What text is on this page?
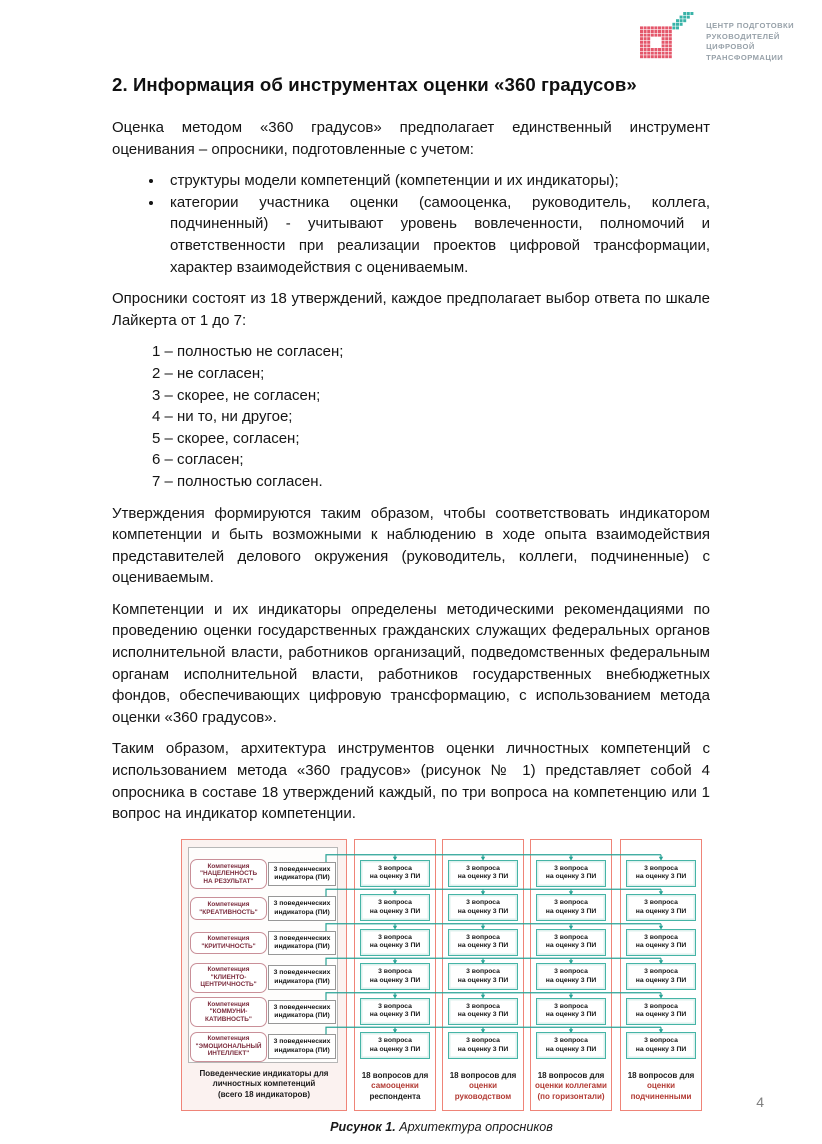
ЦЕНТР ПОДГОТОВКИ
РУКОВОДИТЕЛЕЙ
ЦИФРОВОЙ
ТРАНСФОРМАЦИИ
2. Информация об инструментах оценки «360 градусов»

Оценка методом «360 градусов» предполагает единственный инструмент оценивания – опросники, подготовленные с учетом:

• структуры модели компетенций (компетенции и их индикаторы);
• категории участника оценки (самооценка, руководитель, коллега, подчиненный) - учитывают уровень вовлеченности, полномочий и ответственности при реализации проектов цифровой трансформации, характер взаимодействия с оцениваемым.

Опросники состоят из 18 утверждений, каждое предполагает выбор ответа по шкале Лайкерта от 1 до 7:

1 – полностью не согласен;
2 – не согласен;
3 – скорее, не согласен;
4 – ни то, ни другое;
5 – скорее, согласен;
6 – согласен;
7 – полностью согласен.

Утверждения формируются таким образом, чтобы соответствовать индикатором компетенции и быть возможными к наблюдению в ходе опыта взаимодействия представителей делового окружения (руководитель, коллеги, подчиненные) с оцениваемым.

Компетенции и их индикаторы определены методическими рекомендациями по проведению оценки государственных гражданских служащих федеральных органов исполнительной власти, работников организаций, подведомственных федеральным органам исполнительной власти, работников государственных внебюджетных фондов, обеспечивающих цифровую трансформацию, с использованием метода оценки «360 градусов».

Таким образом, архитектура инструментов оценки личностных компетенций с использованием метода «360 градусов» (рисунок № 1) представляет собой 4 опросника в составе 18 утверждений каждый, по три вопроса на компетенцию или 1 вопрос на индикатор компетенции.

Компетенция
"НАЦЕЛЕННОСТЬ
НА РЕЗУЛЬТАТ"
3 поведенческих
индикатора (ПИ)
Компетенция
"КРЕАТИВНОСТЬ"
3 поведенческих
индикатора (ПИ)
Компетенция
"КРИТИЧНОСТЬ"
3 поведенческих
индикатора (ПИ)
Компетенция
"КЛИЕНТО-
ЦЕНТРИЧНОСТЬ"
3 поведенческих
индикатора (ПИ)
Компетенция
"КОММУНИ-
КАТИВНОСТЬ"
3 поведенческих
индикатора (ПИ)
Компетенция
"ЭМОЦИОНАЛЬНЫЙ
ИНТЕЛЛЕКТ"
3 поведенческих
индикатора (ПИ)
Поведенческие индикаторы для
личностных компетенций
(всего 18 индикаторов)
3 вопроса
на оценку 3 ПИ
3 вопроса
на оценку 3 ПИ
3 вопроса
на оценку 3 ПИ
3 вопроса
на оценку 3 ПИ
3 вопроса
на оценку 3 ПИ
3 вопроса
на оценку 3 ПИ
18 вопросов для
самооценки
респондента
3 вопроса
на оценку 3 ПИ
3 вопроса
на оценку 3 ПИ
3 вопроса
на оценку 3 ПИ
3 вопроса
на оценку 3 ПИ
3 вопроса
на оценку 3 ПИ
3 вопроса
на оценку 3 ПИ
18 вопросов для
оценки
руководством
3 вопроса
на оценку 3 ПИ
3 вопроса
на оценку 3 ПИ
3 вопроса
на оценку 3 ПИ
3 вопроса
на оценку 3 ПИ
3 вопроса
на оценку 3 ПИ
3 вопроса
на оценку 3 ПИ
18 вопросов для
оценки коллегами
(по горизонтали)
3 вопроса
на оценку 3 ПИ
3 вопроса
на оценку 3 ПИ
3 вопроса
на оценку 3 ПИ
3 вопроса
на оценку 3 ПИ
3 вопроса
на оценку 3 ПИ
3 вопроса
на оценку 3 ПИ
18 вопросов для
оценки
подчиненными
Рисунок 1. Архитектура опросников
4
